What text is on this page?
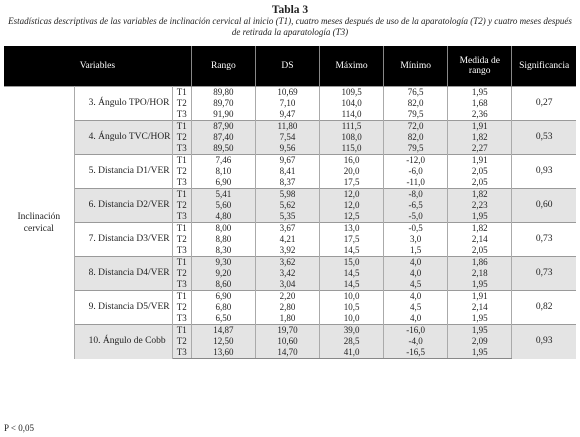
Tabla 3
Estadísticas descriptivas de las variables de inclinación cervical al inicio (T1), cuatro meses después de uso de la aparatología (T2) y cuatro meses después de retirada la aparatología (T3)
Variables			Rango	DS	Máximo	Mínimo	Medida de rango	Significancia
Inclinación cervical	3. Ángulo TPO/HOR	T1	89,80	10,69	109,5	76,5	1,95	0,27
		T2	89,70	7,10	104,0	82,0	1,68	
		T3	91,90	9,47	114,0	79,5	2,36	
	4. Ángulo TVC/HOR	T1	87,90	11,80	111,5	72,0	1,91	0,53
		T2	87,40	7,54	108,0	82,0	1,82	
		T3	89,50	9,56	115,0	79,5	2,27	
	5. Distancia D1/VER	T1	7,46	9,67	16,0	-12,0	1,91	0,93
		T2	8,10	8,41	20,0	-6,0	2,05	
		T3	6,90	8,37	17,5	-11,0	2,05	
	6. Distancia D2/VER	T1	5,41	5,98	12,0	-8,0	1,82	0,60
		T2	5,60	5,62	12,0	-6,5	2,23	
		T3	4,80	5,35	12,5	-5,0	1,95	
	7. Distancia D3/VER	T1	8,00	3,67	13,0	-0,5	1,82	0,73
		T2	8,80	4,21	17,5	3,0	2,14	
		T3	8,30	3,92	14,5	1,5	2,05	
	8. Distancia D4/VER	T1	9,30	3,62	15,0	4,0	1,86	0,73
		T2	9,20	3,42	14,5	4,0	2,18	
		T3	8,60	3,04	14,5	4,5	1,95	
	9. Distancia D5/VER	T1	6,90	2,20	10,0	4,0	1,91	0,82
		T2	6,80	2,80	10,5	4,5	2,14	
		T3	6,50	1,80	10,0	4,0	1,95	
	10. Ángulo de Cobb	T1	14,87	19,70	39,0	-16,0	1,95	0,93
		T2	12,50	10,60	28,5	-4,0	2,09	
		T3	13,60	14,70	41,0	-16,5	1,95	
P < 0,05
